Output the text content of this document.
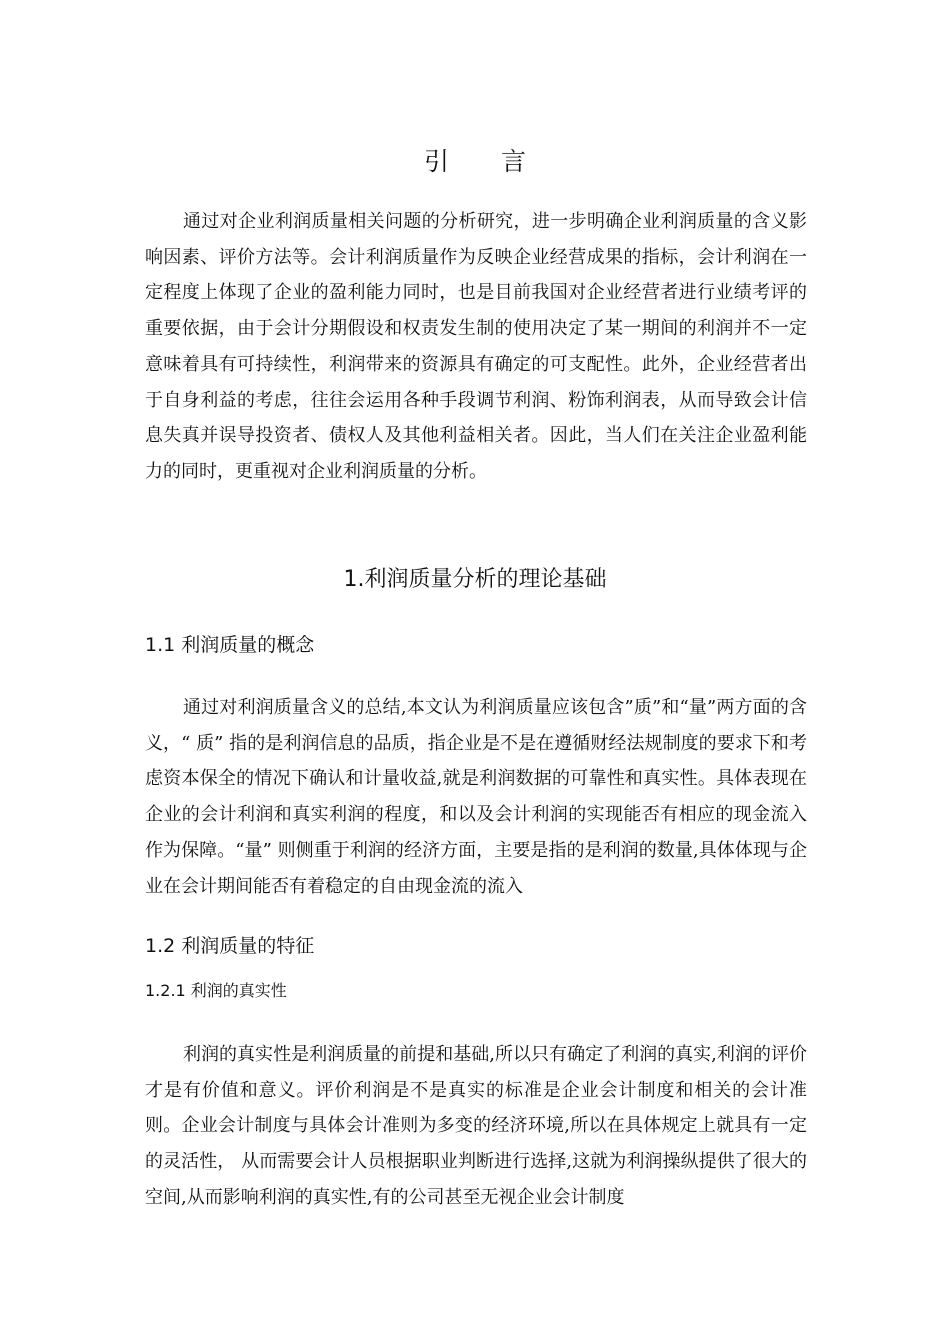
引 言

通过对企业利润质量相关问题的分析研究，进一步明确企业利润质量的含义影响因素、评价方法等。会计利润质量作为反映企业经营成果的指标，会计利润在一定程度上体现了企业的盈利能力同时，也是目前我国对企业经营者进行业绩考评的重要依据，由于会计分期假设和权责发生制的使用决定了某一期间的利润并不一定意味着具有可持续性，利润带来的资源具有确定的可支配性。此外，企业经营者出于自身利益的考虑，往往会运用各种手段调节利润、粉饰利润表，从而导致会计信息失真并误导投资者、债权人及其他利益相关者。因此，当人们在关注企业盈利能力的同时，更重视对企业利润质量的分析。

1.利润质量分析的理论基础
1.1 利润质量的概念

通过对利润质量含义的总结,本文认为利润质量应该包含”质”和“量”两方面的含义，“ 质” 指的是利润信息的品质，指企业是不是在遵循财经法规制度的要求下和考虑资本保全的情况下确认和计量收益,就是利润数据的可靠性和真实性。具体表现在企业的会计利润和真实利润的程度，和以及会计利润的实现能否有相应的现金流入作为保障。“量” 则侧重于利润的经济方面，主要是指的是利润的数量,具体体现与企业在会计期间能否有着稳定的自由现金流的流入

1.2 利润质量的特征
1.2.1 利润的真实性

利润的真实性是利润质量的前提和基础,所以只有确定了利润的真实,利润的评价才是有价值和意义。评价利润是不是真实的标准是企业会计制度和相关的会计准则。企业会计制度与具体会计准则为多变的经济环境,所以在具体规定上就具有一定的灵活性， 从而需要会计人员根据职业判断进行选择,这就为利润操纵提供了很大的空间,从而影响利润的真实性,有的公司甚至无视企业会计制度
